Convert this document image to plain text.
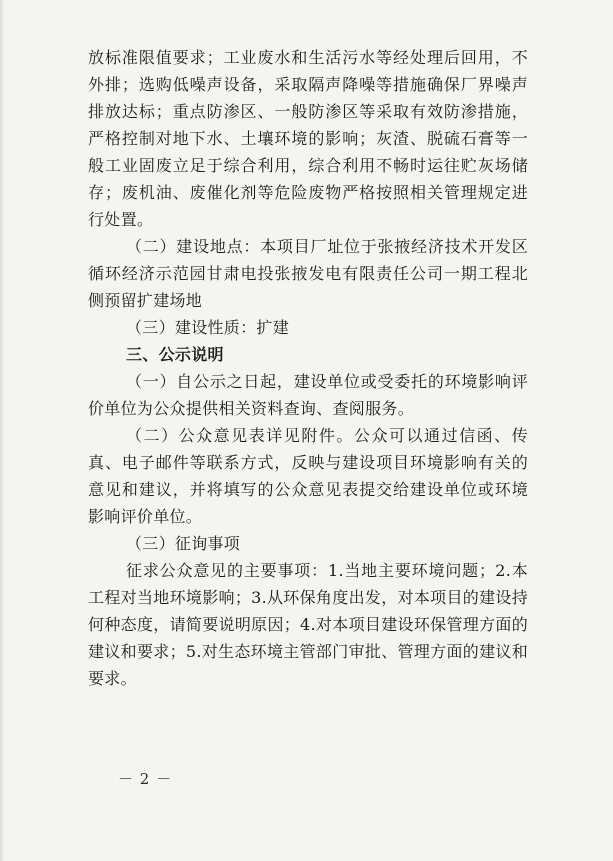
放标准限值要求；工业废水和生活污水等经处理后回用，不外排；选购低噪声设备，采取隔声降噪等措施确保厂界噪声排放达标；重点防渗区、一般防渗区等采取有效防渗措施，严格控制对地下水、土壤环境的影响；灰渣、脱硫石膏等一般工业固废立足于综合利用，综合利用不畅时运往贮灰场储存；废机油、废催化剂等危险废物严格按照相关管理规定进行处置。

（二）建设地点：本项目厂址位于张掖经济技术开发区循环经济示范园甘肃电投张掖发电有限责任公司一期工程北侧预留扩建场地

（三）建设性质：扩建

三、公示说明

（一）自公示之日起，建设单位或受委托的环境影响评价单位为公众提供相关资料查询、查阅服务。

（二）公众意见表详见附件。公众可以通过信函、传真、电子邮件等联系方式，反映与建设项目环境影响有关的意见和建议，并将填写的公众意见表提交给建设单位或环境影响评价单位。

（三）征询事项

征求公众意见的主要事项：1.当地主要环境问题；2.本工程对当地环境影响；3.从环保角度出发，对本项目的建设持何种态度，请简要说明原因；4.对本项目建设环保管理方面的建议和要求；5.对生态环境主管部门审批、管理方面的建议和要求。

－ 2 －
